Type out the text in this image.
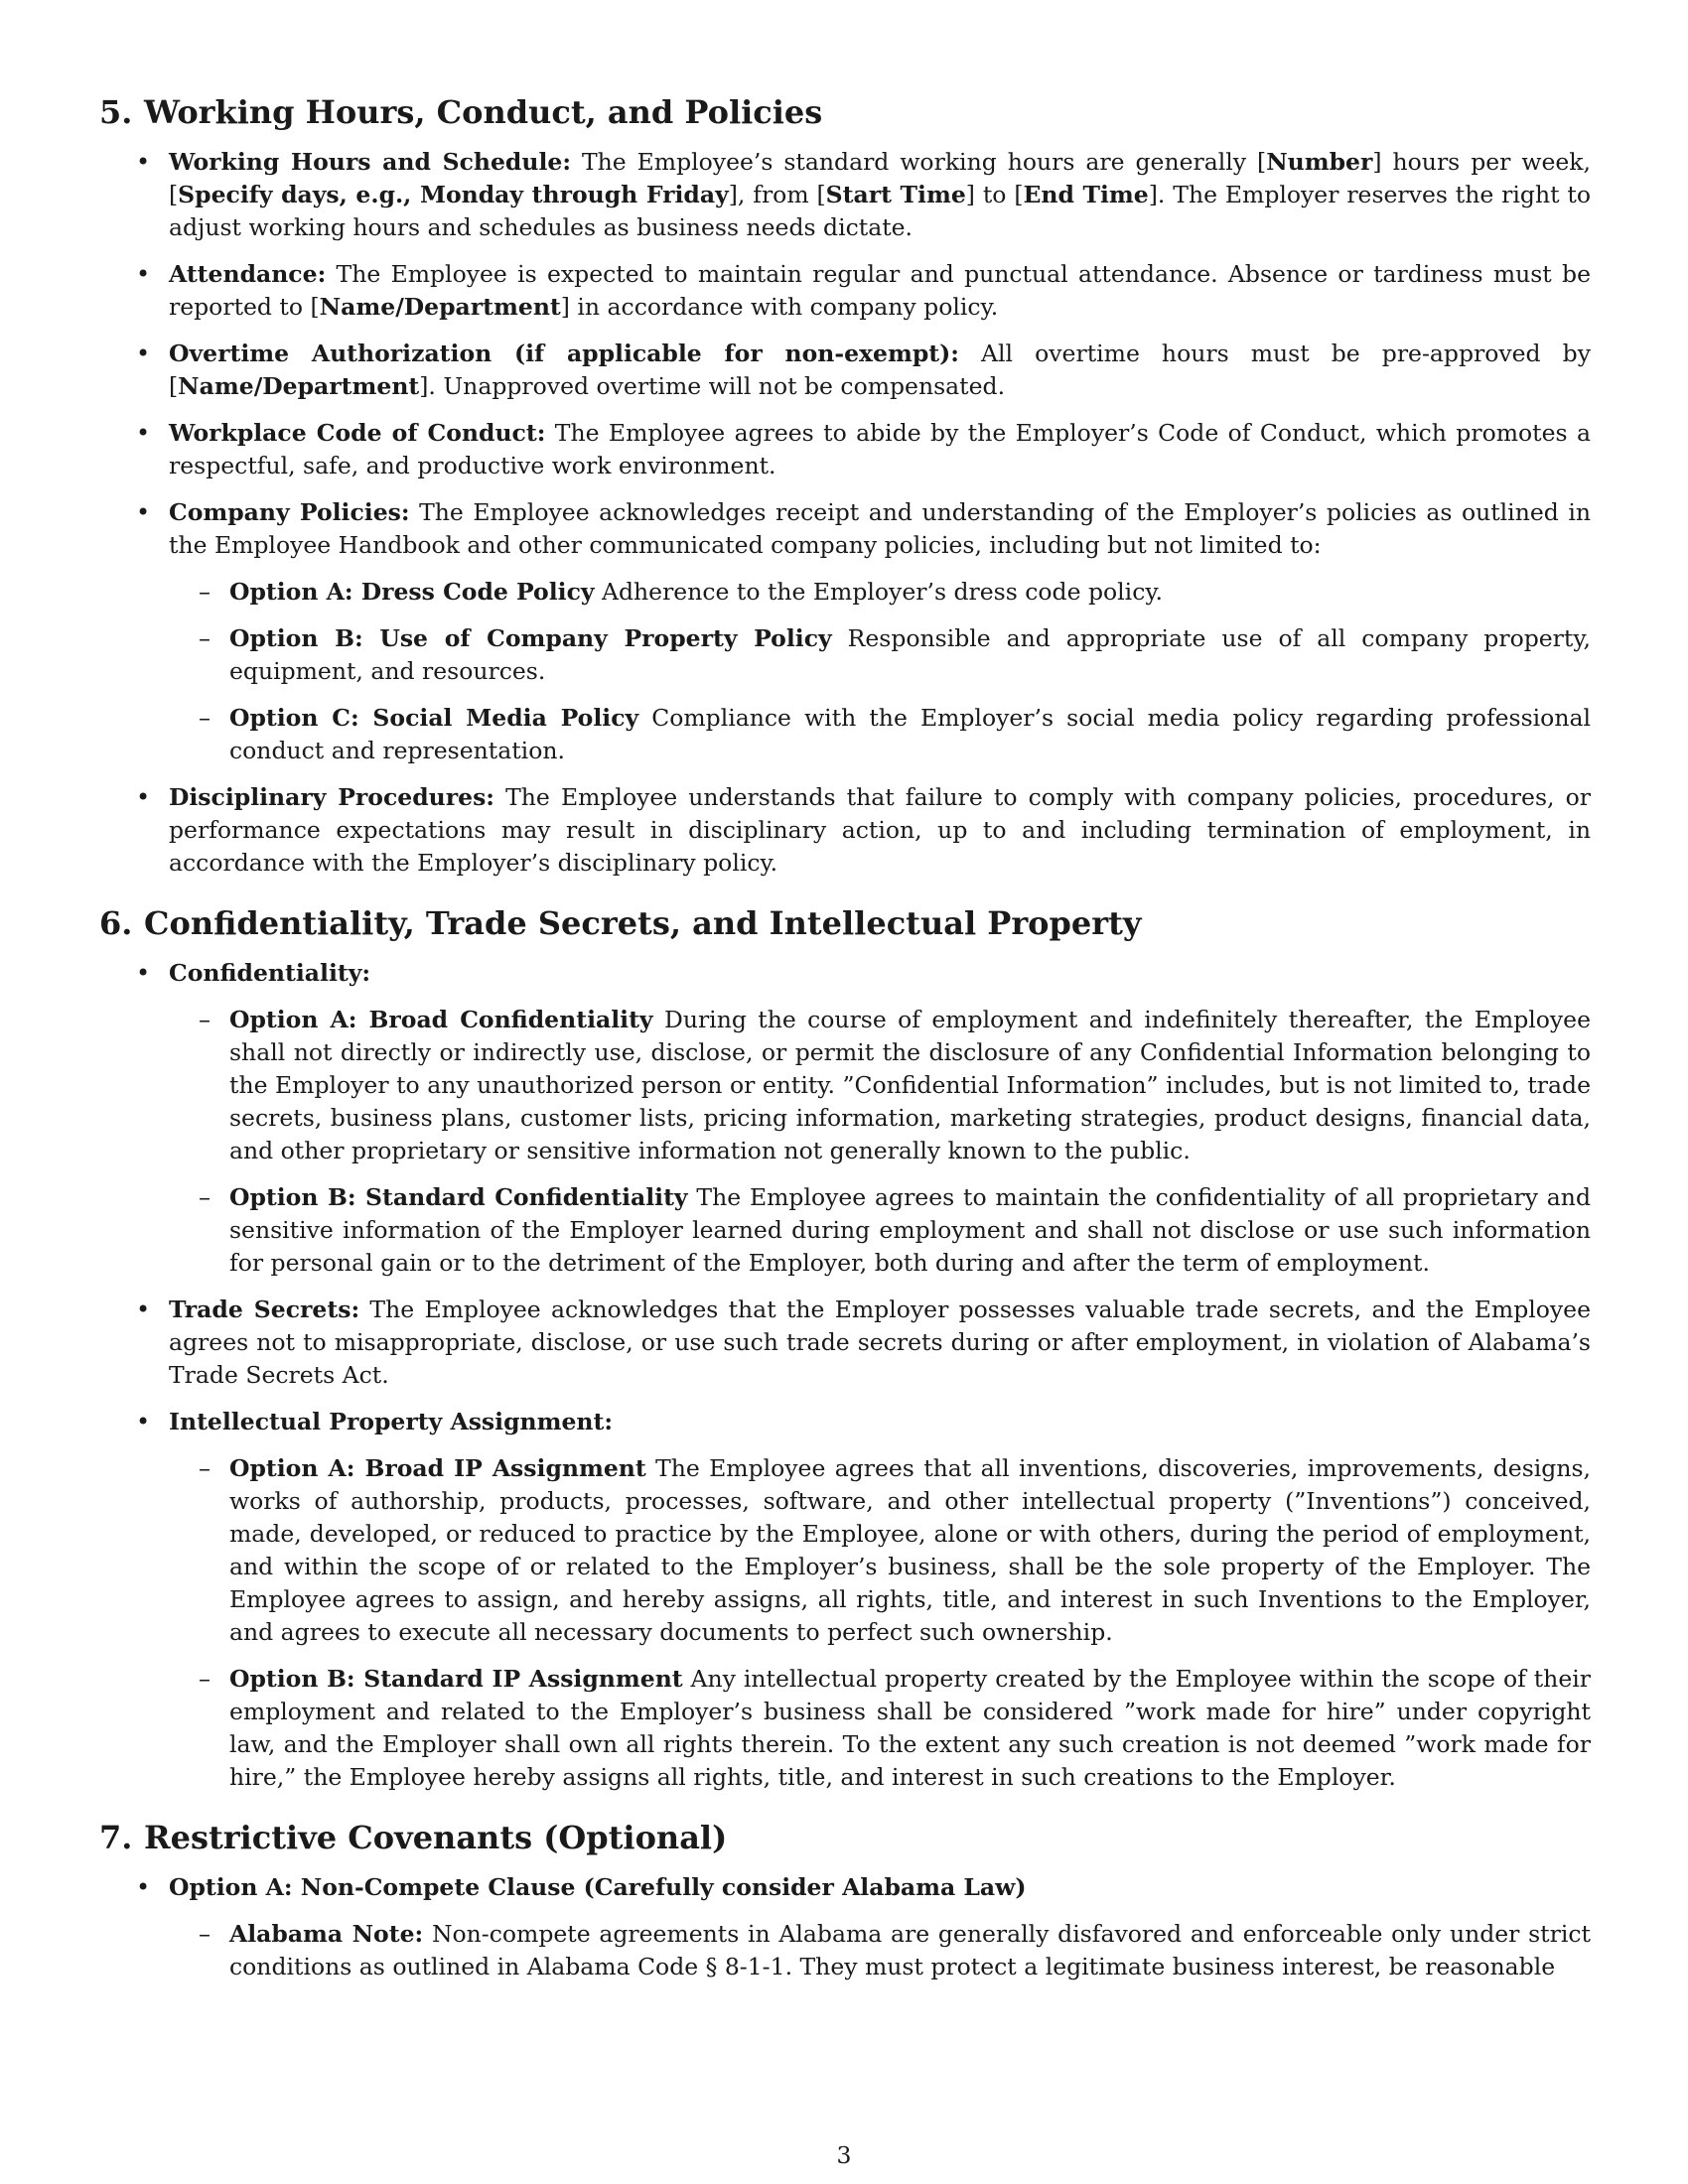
5. Working Hours, Conduct, and Policies
• Working Hours and Schedule: The Employee’s standard working hours are generally [Number] hours per week, [Specify days, e.g., Monday through Friday], from [Start Time] to [End Time]. The Employer reserves the right to adjust working hours and schedules as business needs dictate.
• Attendance: The Employee is expected to maintain regular and punctual attendance. Absence or tardiness must be reported to [Name/Department] in accordance with company policy.
• Overtime Authorization (if applicable for non-exempt): All overtime hours must be pre-approved by [Name/Department]. Unapproved overtime will not be compensated.
• Workplace Code of Conduct: The Employee agrees to abide by the Employer’s Code of Conduct, which promotes a respectful, safe, and productive work environment.
• Company Policies: The Employee acknowledges receipt and understanding of the Employer’s policies as outlined in the Employee Handbook and other communicated company policies, including but not limited to:
– Option A: Dress Code Policy Adherence to the Employer’s dress code policy.
– Option B: Use of Company Property Policy Responsible and appropriate use of all company property, equipment, and resources.
– Option C: Social Media Policy Compliance with the Employer’s social media policy regarding professional conduct and representation.
• Disciplinary Procedures: The Employee understands that failure to comply with company policies, procedures, or performance expectations may result in disciplinary action, up to and including termination of employment, in accordance with the Employer’s disciplinary policy.
6. Confidentiality, Trade Secrets, and Intellectual Property
• Confidentiality:
– Option A: Broad Confidentiality During the course of employment and indefinitely thereafter, the Employee shall not directly or indirectly use, disclose, or permit the disclosure of any Confidential Information belonging to the Employer to any unauthorized person or entity. ”Confidential Information” includes, but is not limited to, trade secrets, business plans, customer lists, pricing information, marketing strategies, product designs, financial data, and other proprietary or sensitive information not generally known to the public.
– Option B: Standard Confidentiality The Employee agrees to maintain the confidentiality of all proprietary and sensitive information of the Employer learned during employment and shall not disclose or use such information for personal gain or to the detriment of the Employer, both during and after the term of employment.
• Trade Secrets: The Employee acknowledges that the Employer possesses valuable trade secrets, and the Employee agrees not to misappropriate, disclose, or use such trade secrets during or after employment, in violation of Alabama’s Trade Secrets Act.
• Intellectual Property Assignment:
– Option A: Broad IP Assignment The Employee agrees that all inventions, discoveries, improvements, designs, works of authorship, products, processes, software, and other intellectual property (”Inventions”) conceived, made, developed, or reduced to practice by the Employee, alone or with others, during the period of employment, and within the scope of or related to the Employer’s business, shall be the sole property of the Employer. The Employee agrees to assign, and hereby assigns, all rights, title, and interest in such Inventions to the Employer, and agrees to execute all necessary documents to perfect such ownership.
– Option B: Standard IP Assignment Any intellectual property created by the Employee within the scope of their employment and related to the Employer’s business shall be considered ”work made for hire” under copyright law, and the Employer shall own all rights therein. To the extent any such creation is not deemed ”work made for hire,” the Employee hereby assigns all rights, title, and interest in such creations to the Employer.
7. Restrictive Covenants (Optional)
• Option A: Non-Compete Clause (Carefully consider Alabama Law)
– Alabama Note: Non-compete agreements in Alabama are generally disfavored and enforceable only under strict conditions as outlined in Alabama Code § 8-1-1. They must protect a legitimate business interest, be reasonable
3
